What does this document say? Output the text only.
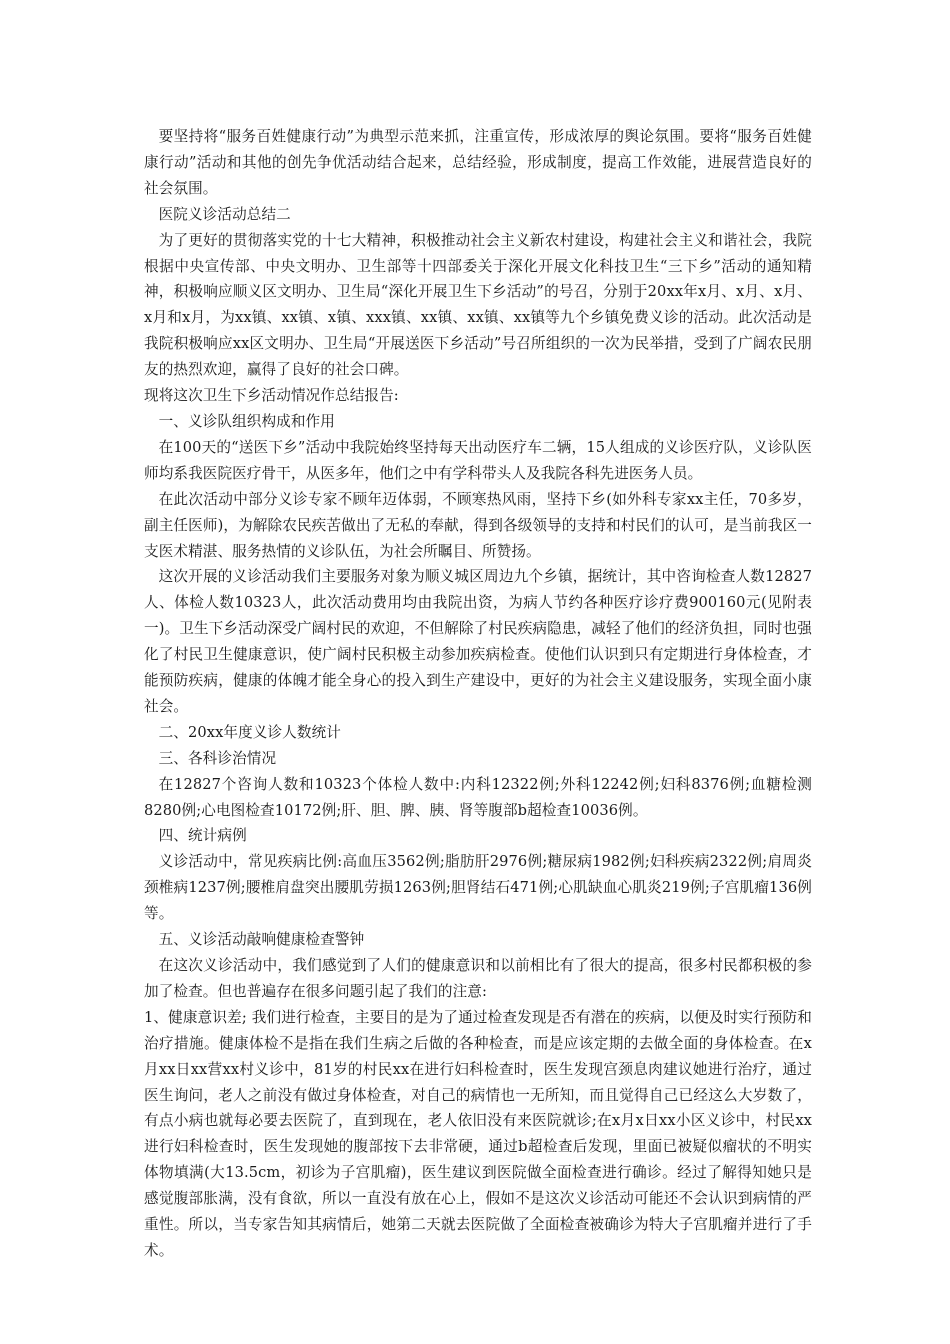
要坚持将“服务百姓健康行动”为典型示范来抓，注重宣传，形成浓厚的舆论氛围。要将“服务百姓健康行动”活动和其他的创先争优活动结合起来，总结经验，形成制度，提高工作效能，进展营造良好的社会氛围。

医院义诊活动总结二

为了更好的贯彻落实党的十七大精神，积极推动社会主义新农村建设，构建社会主义和谐社会，我院根据中央宣传部、中央文明办、卫生部等十四部委关于深化开展文化科技卫生“三下乡”活动的通知精神，积极响应顺义区文明办、卫生局“深化开展卫生下乡活动”的号召，分别于20xx年x月、x月、x月、x月和x月，为xx镇、xx镇、x镇、xxx镇、xx镇、xx镇、xx镇等九个乡镇免费义诊的活动。此次活动是我院积极响应xx区文明办、卫生局“开展送医下乡活动”号召所组织的一次为民举措，受到了广阔农民朋友的热烈欢迎，赢得了良好的社会口碑。

现将这次卫生下乡活动情况作总结报告:

一、义诊队组织构成和作用

在100天的“送医下乡”活动中我院始终坚持每天出动医疗车二辆，15人组成的义诊医疗队，义诊队医师均系我医院医疗骨干，从医多年，他们之中有学科带头人及我院各科先进医务人员。

在此次活动中部分义诊专家不顾年迈体弱，不顾寒热风雨，坚持下乡(如外科专家xx主任，70多岁，副主任医师)，为解除农民疾苦做出了无私的奉献，得到各级领导的支持和村民们的认可，是当前我区一支医术精湛、服务热情的义诊队伍，为社会所瞩目、所赞扬。

这次开展的义诊活动我们主要服务对象为顺义城区周边九个乡镇，据统计，其中咨询检查人数12827人、体检人数10323人，此次活动费用均由我院出资，为病人节约各种医疗诊疗费900160元(见附表一)。卫生下乡活动深受广阔村民的欢迎，不但解除了村民疾病隐患，减轻了他们的经济负担，同时也强化了村民卫生健康意识，使广阔村民积极主动参加疾病检查。使他们认识到只有定期进行身体检查，才能预防疾病，健康的体魄才能全身心的投入到生产建设中，更好的为社会主义建设服务，实现全面小康社会。

二、20xx年度义诊人数统计

三、各科诊治情况

在12827个咨询人数和10323个体检人数中:内科12322例;外科12242例;妇科8376例;血糖检测8280例;心电图检查10172例;肝、胆、脾、胰、肾等腹部b超检查10036例。

四、统计病例

义诊活动中，常见疾病比例:高血压3562例;脂肪肝2976例;糖尿病1982例;妇科疾病2322例;肩周炎颈椎病1237例;腰椎肩盘突出腰肌劳损1263例;胆肾结石471例;心肌缺血心肌炎219例;子宫肌瘤136例等。

五、义诊活动敲响健康检查警钟

在这次义诊活动中，我们感觉到了人们的健康意识和以前相比有了很大的提高，很多村民都积极的参加了检查。但也普遍存在很多问题引起了我们的注意:

1、健康意识差; 我们进行检查，主要目的是为了通过检查发现是否有潜在的疾病，以便及时实行预防和治疗措施。健康体检不是指在我们生病之后做的各种检查，而是应该定期的去做全面的身体检查。在x月xx日xx营xx村义诊中，81岁的村民xx在进行妇科检查时，医生发现宫颈息肉建议她进行治疗，通过医生询问，老人之前没有做过身体检查，对自己的病情也一无所知，而且觉得自己已经这么大岁数了，有点小病也就每必要去医院了，直到现在，老人依旧没有来医院就诊;在x月x日xx小区义诊中，村民xx进行妇科检查时，医生发现她的腹部按下去非常硬，通过b超检查后发现，里面已被疑似瘤状的不明实体物填满(大13.5cm，初诊为子宫肌瘤)，医生建议到医院做全面检查进行确诊。经过了解得知她只是感觉腹部胀满，没有食欲，所以一直没有放在心上，假如不是这次义诊活动可能还不会认识到病情的严重性。所以，当专家告知其病情后，她第二天就去医院做了全面检查被确诊为特大子宫肌瘤并进行了手术。
